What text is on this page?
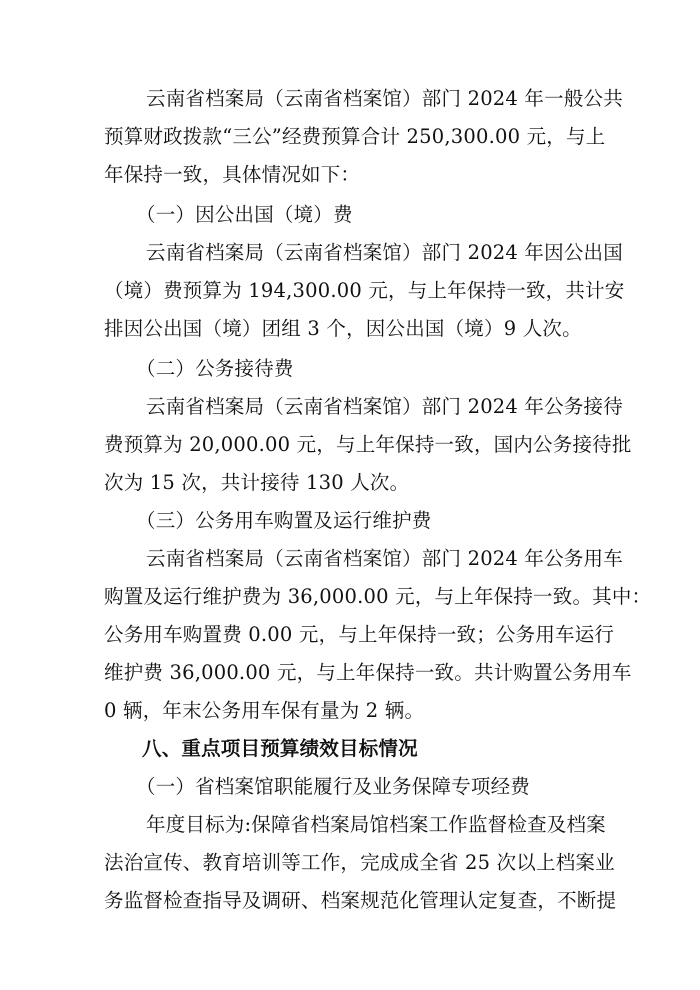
云南省档案局（云南省档案馆）部门 2024 年一般公共
预算财政拨款“三公”经费预算合计 250,300.00 元，与上
年保持一致，具体情况如下：
（一）因公出国（境）费
云南省档案局（云南省档案馆）部门 2024 年因公出国
（境）费预算为 194,300.00 元，与上年保持一致，共计安
排因公出国（境）团组 3 个，因公出国（境）9 人次。
（二）公务接待费
云南省档案局（云南省档案馆）部门 2024 年公务接待
费预算为 20,000.00 元，与上年保持一致，国内公务接待批
次为 15 次，共计接待 130 人次。
（三）公务用车购置及运行维护费
云南省档案局（云南省档案馆）部门 2024 年公务用车
购置及运行维护费为 36,000.00 元，与上年保持一致。其中：
公务用车购置费 0.00 元，与上年保持一致；公务用车运行
维护费 36,000.00 元，与上年保持一致。共计购置公务用车
0 辆，年末公务用车保有量为 2 辆。
八、重点项目预算绩效目标情况
（一）省档案馆职能履行及业务保障专项经费
年度目标为:保障省档案局馆档案工作监督检查及档案
法治宣传、教育培训等工作，完成成全省 25 次以上档案业
务监督检查指导及调研、档案规范化管理认定复查，不断提
